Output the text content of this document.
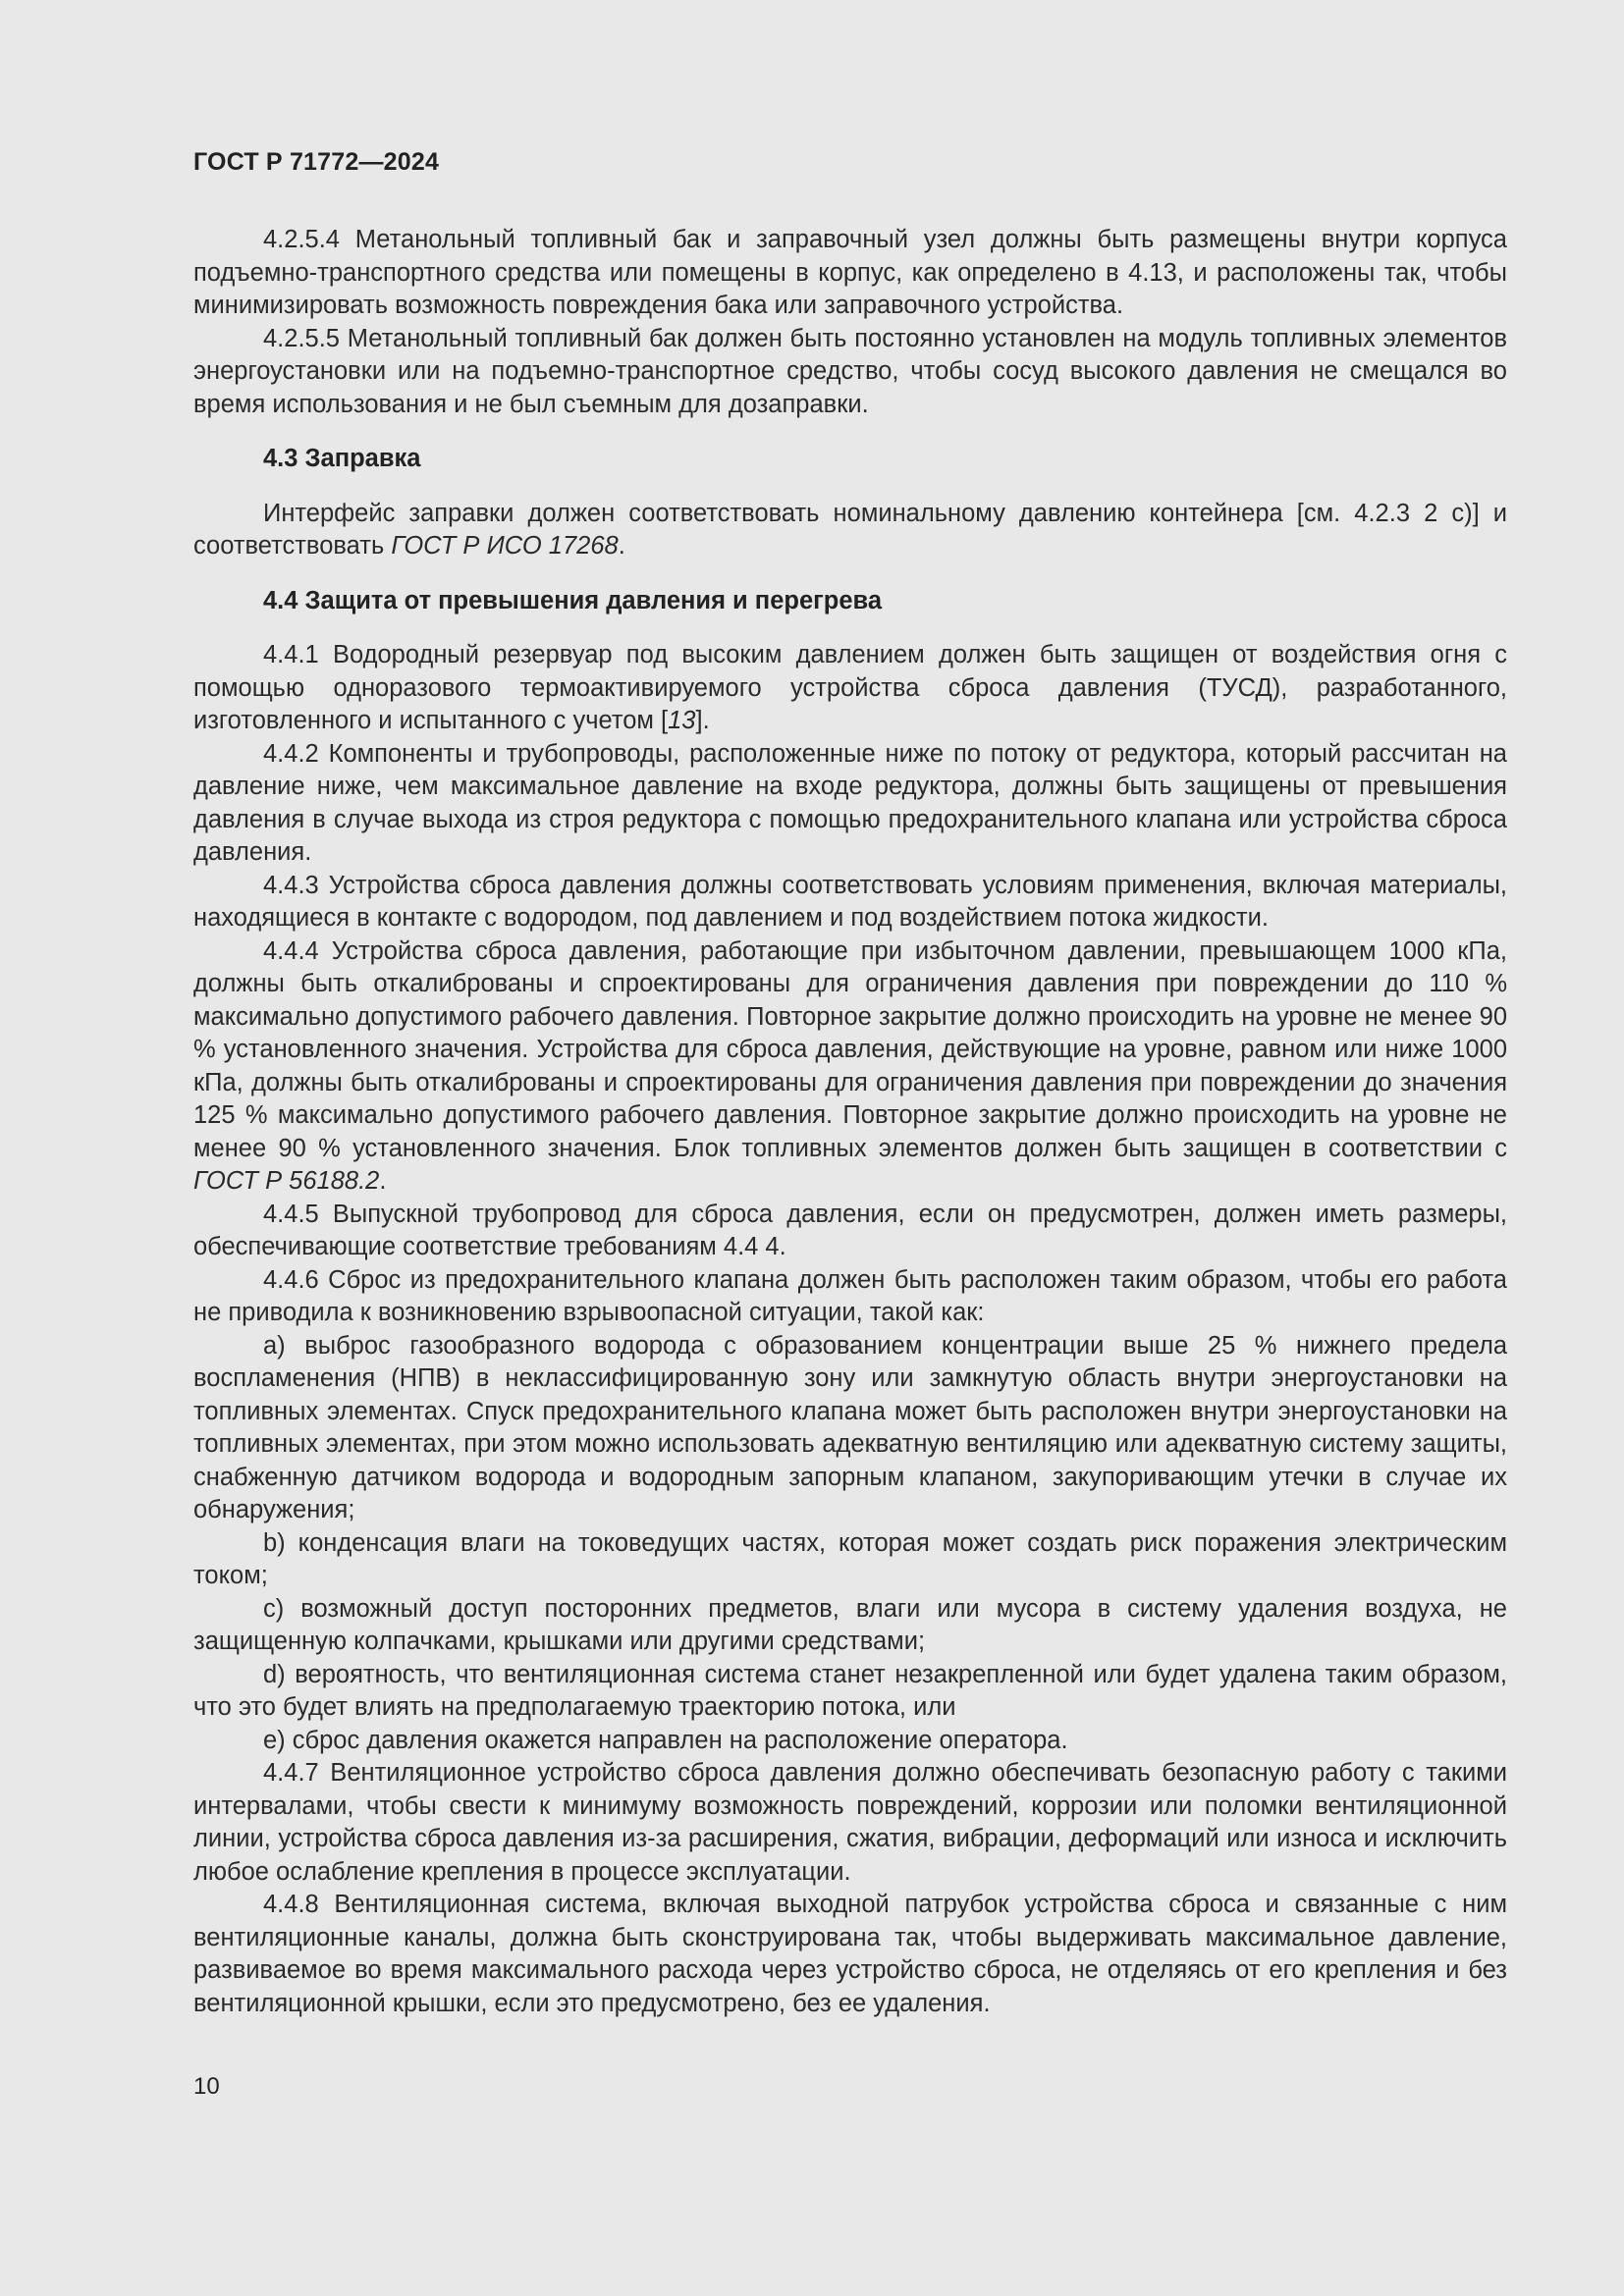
ГОСТ Р 71772—2024

4.2.5.4 Метанольный топливный бак и заправочный узел должны быть размещены внутри корпуса подъемно-транспортного средства или помещены в корпус, как определено в 4.13, и расположены так, чтобы минимизировать возможность повреждения бака или заправочного устройства.

4.2.5.5 Метанольный топливный бак должен быть постоянно установлен на модуль топливных элементов энергоустановки или на подъемно-транспортное средство, чтобы сосуд высокого давления не смещался во время использования и не был съемным для дозаправки.

4.3 Заправка

Интерфейс заправки должен соответствовать номинальному давлению контейнера [см. 4.2.3 2 с)] и соответствовать ГОСТ Р ИСО 17268.

4.4 Защита от превышения давления и перегрева

4.4.1 Водородный резервуар под высоким давлением должен быть защищен от воздействия огня с помощью одноразового термоактивируемого устройства сброса давления (ТУСД), разработанного, изготовленного и испытанного с учетом [13].

4.4.2 Компоненты и трубопроводы, расположенные ниже по потоку от редуктора, который рассчитан на давление ниже, чем максимальное давление на входе редуктора, должны быть защищены от превышения давления в случае выхода из строя редуктора с помощью предохранительного клапана или устройства сброса давления.

4.4.3 Устройства сброса давления должны соответствовать условиям применения, включая материалы, находящиеся в контакте с водородом, под давлением и под воздействием потока жидкости.

4.4.4 Устройства сброса давления, работающие при избыточном давлении, превышающем 1000 кПа, должны быть откалиброваны и спроектированы для ограничения давления при повреждении до 110 % максимально допустимого рабочего давления. Повторное закрытие должно происходить на уровне не менее 90 % установленного значения. Устройства для сброса давления, действующие на уровне, равном или ниже 1000 кПа, должны быть откалиброваны и спроектированы для ограничения давления при повреждении до значения 125 % максимально допустимого рабочего давления. Повторное закрытие должно происходить на уровне не менее 90 % установленного значения. Блок топливных элементов должен быть защищен в соответствии с ГОСТ Р 56188.2.

4.4.5 Выпускной трубопровод для сброса давления, если он предусмотрен, должен иметь размеры, обеспечивающие соответствие требованиям 4.4 4.

4.4.6 Сброс из предохранительного клапана должен быть расположен таким образом, чтобы его работа не приводила к возникновению взрывоопасной ситуации, такой как:

a) выброс газообразного водорода с образованием концентрации выше 25 % нижнего предела воспламенения (НПВ) в неклассифицированную зону или замкнутую область внутри энергоустановки на топливных элементах. Спуск предохранительного клапана может быть расположен внутри энергоустановки на топливных элементах, при этом можно использовать адекватную вентиляцию или адекватную систему защиты, снабженную датчиком водорода и водородным запорным клапаном, закупоривающим утечки в случае их обнаружения;

b) конденсация влаги на токоведущих частях, которая может создать риск поражения электрическим током;

c) возможный доступ посторонних предметов, влаги или мусора в систему удаления воздуха, не защищенную колпачками, крышками или другими средствами;

d) вероятность, что вентиляционная система станет незакрепленной или будет удалена таким образом, что это будет влиять на предполагаемую траекторию потока, или

e) сброс давления окажется направлен на расположение оператора.

4.4.7 Вентиляционное устройство сброса давления должно обеспечивать безопасную работу с такими интервалами, чтобы свести к минимуму возможность повреждений, коррозии или поломки вентиляционной линии, устройства сброса давления из-за расширения, сжатия, вибрации, деформаций или износа и исключить любое ослабление крепления в процессе эксплуатации.

4.4.8 Вентиляционная система, включая выходной патрубок устройства сброса и связанные с ним вентиляционные каналы, должна быть сконструирована так, чтобы выдерживать максимальное давление, развиваемое во время максимального расхода через устройство сброса, не отделяясь от его крепления и без вентиляционной крышки, если это предусмотрено, без ее удаления.

10
